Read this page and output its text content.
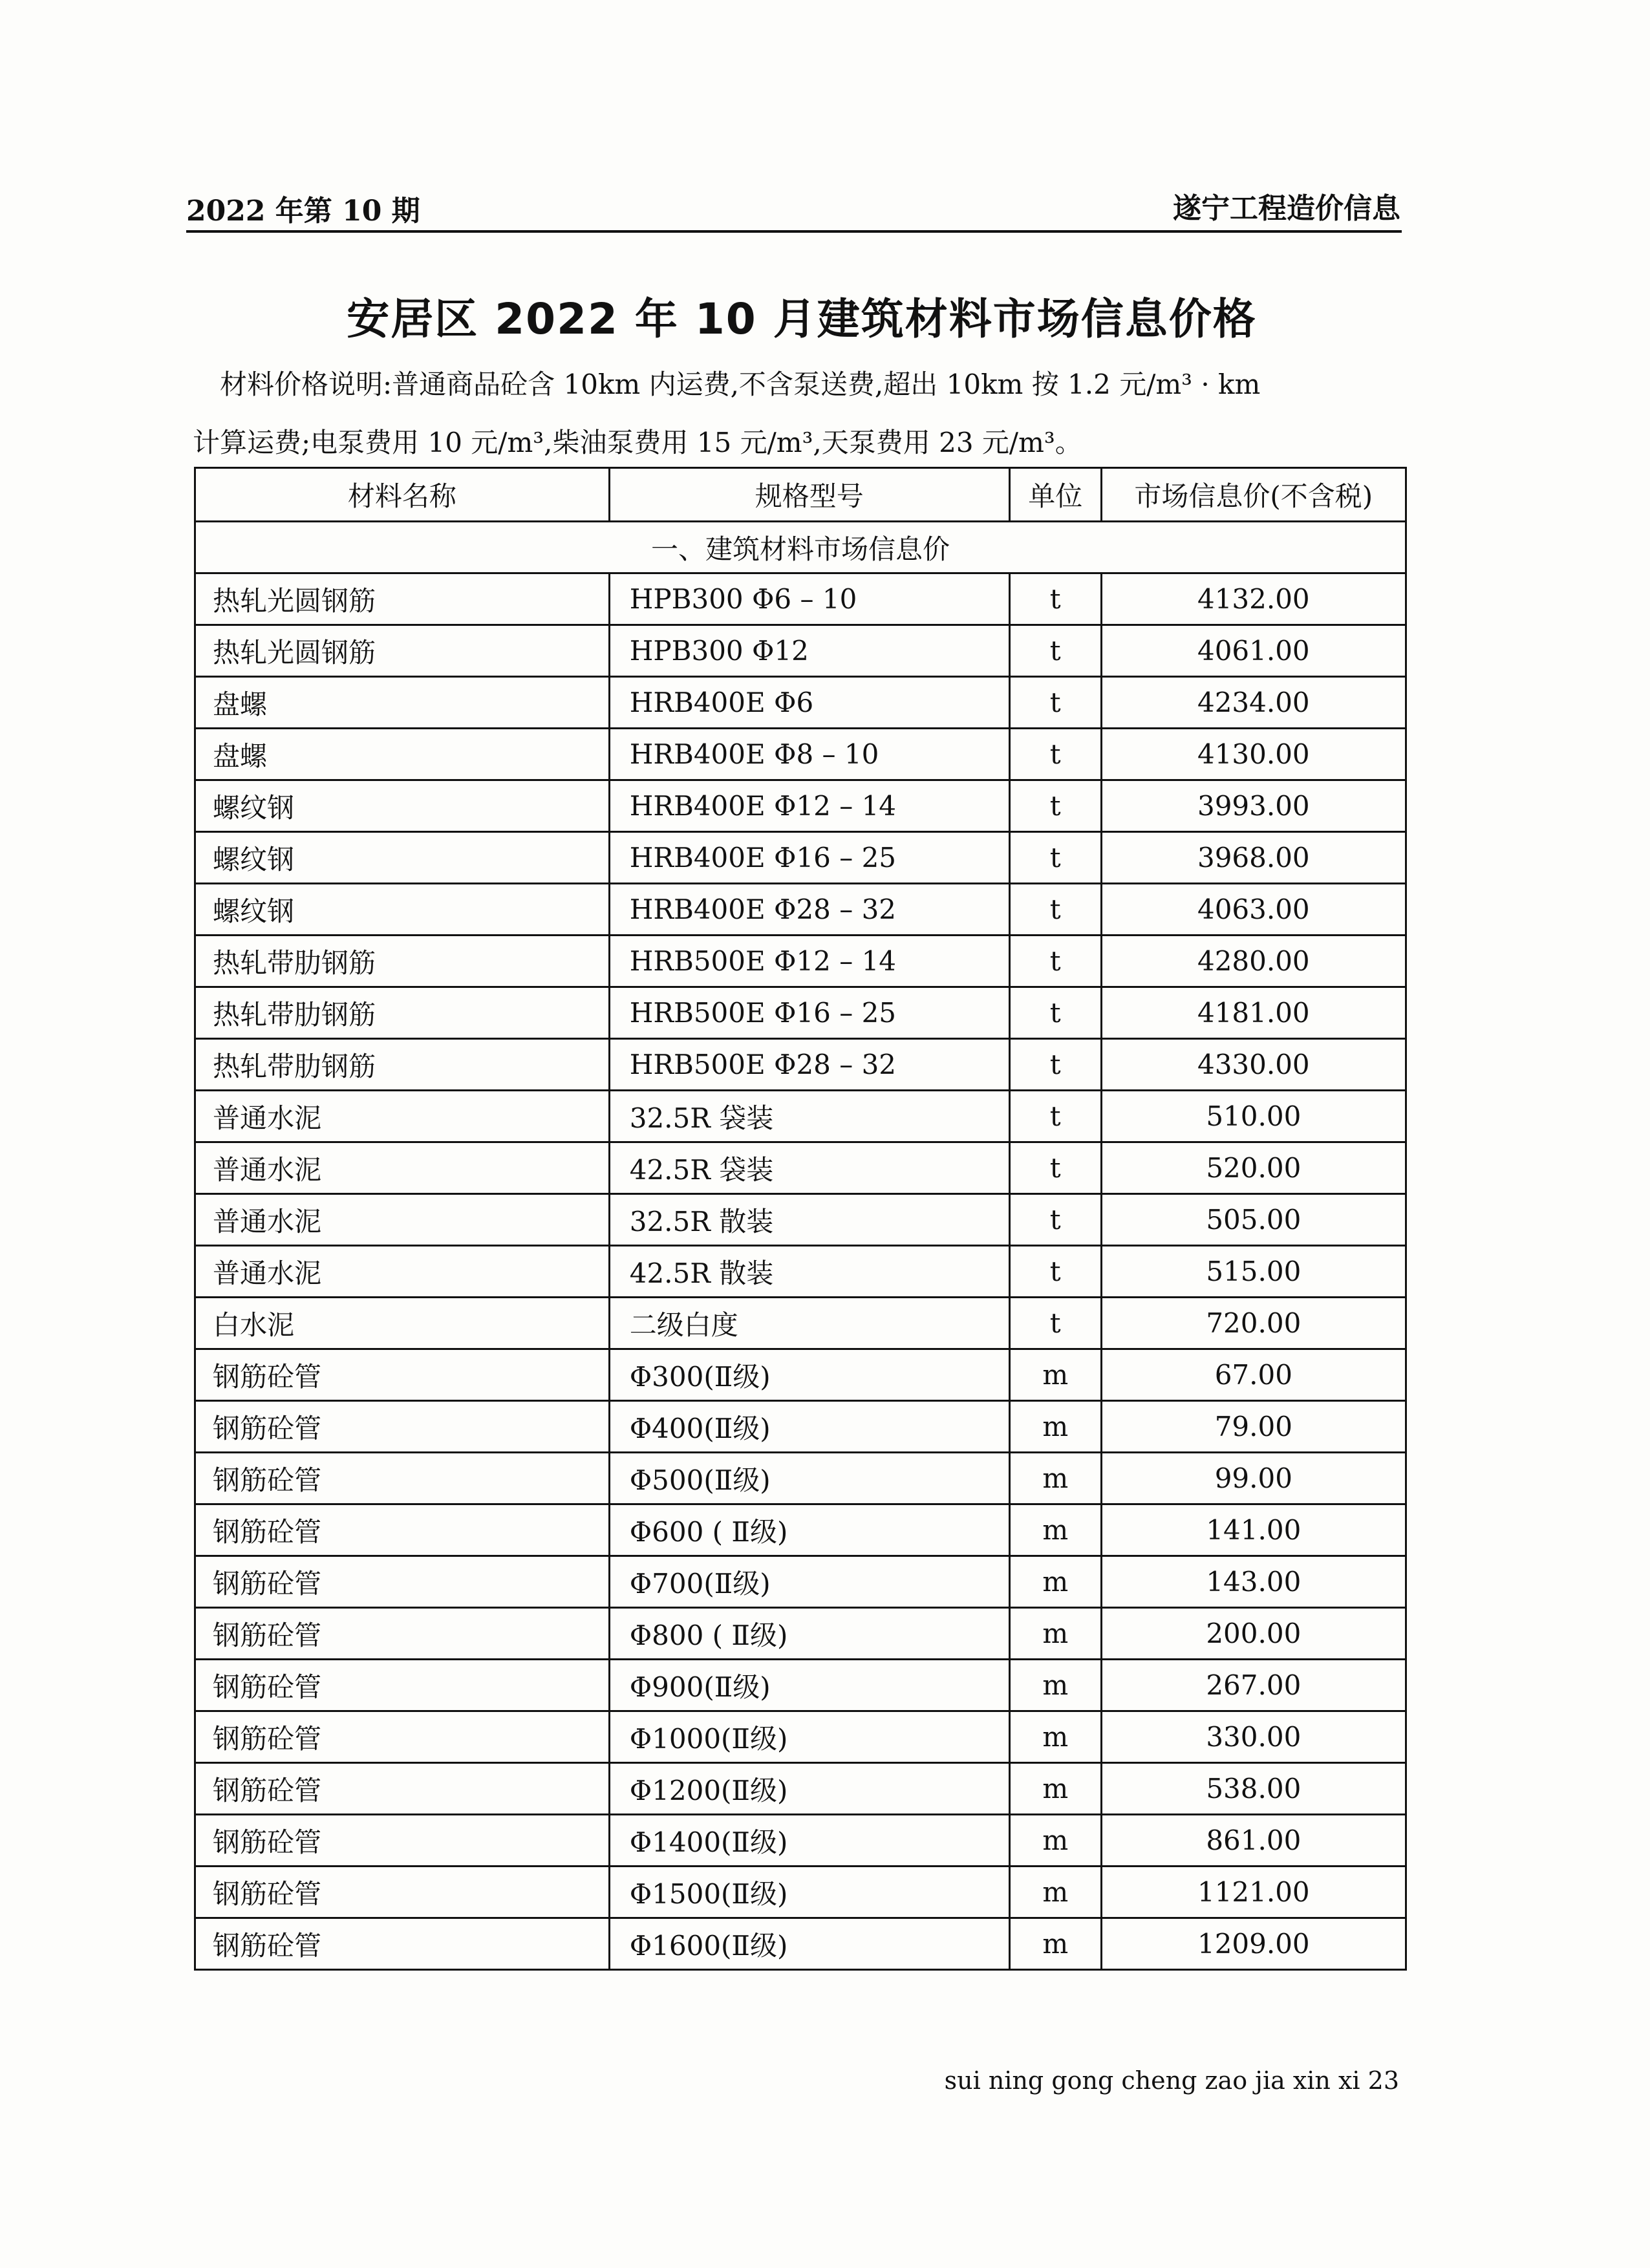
2022 年第 10 期	遂宁工程造价信息
安居区 2022 年 10 月建筑材料市场信息价格
材料价格说明:普通商品砼含 10km 内运费,不含泵送费,超出 10km 按 1.2 元/m³ · km
计算运费;电泵费用 10 元/m³,柴油泵费用 15 元/m³,天泵费用 23 元/m³。
材料名称	规格型号	单位	市场信息价(不含税)
一、建筑材料市场信息价			
热轧光圆钢筋	HPB300 Φ6 – 10	t	4132.00
热轧光圆钢筋	HPB300 Φ12	t	4061.00
盘螺	HRB400E Φ6	t	4234.00
盘螺	HRB400E Φ8 – 10	t	4130.00
螺纹钢	HRB400E Φ12 – 14	t	3993.00
螺纹钢	HRB400E Φ16 – 25	t	3968.00
螺纹钢	HRB400E Φ28 – 32	t	4063.00
热轧带肋钢筋	HRB500E Φ12 – 14	t	4280.00
热轧带肋钢筋	HRB500E Φ16 – 25	t	4181.00
热轧带肋钢筋	HRB500E Φ28 – 32	t	4330.00
普通水泥	32.5R 袋装	t	510.00
普通水泥	42.5R 袋装	t	520.00
普通水泥	32.5R 散装	t	505.00
普通水泥	42.5R 散装	t	515.00
白水泥	二级白度	t	720.00
钢筋砼管	Φ300(Ⅱ级)	m	67.00
钢筋砼管	Φ400(Ⅱ级)	m	79.00
钢筋砼管	Φ500(Ⅱ级)	m	99.00
钢筋砼管	Φ600 ( Ⅱ级)	m	141.00
钢筋砼管	Φ700(Ⅱ级)	m	143.00
钢筋砼管	Φ800 ( Ⅱ级)	m	200.00
钢筋砼管	Φ900(Ⅱ级)	m	267.00
钢筋砼管	Φ1000(Ⅱ级)	m	330.00
钢筋砼管	Φ1200(Ⅱ级)	m	538.00
钢筋砼管	Φ1400(Ⅱ级)	m	861.00
钢筋砼管	Φ1500(Ⅱ级)	m	1121.00
钢筋砼管	Φ1600(Ⅱ级)	m	1209.00
sui ning gong cheng zao jia xin xi 23
